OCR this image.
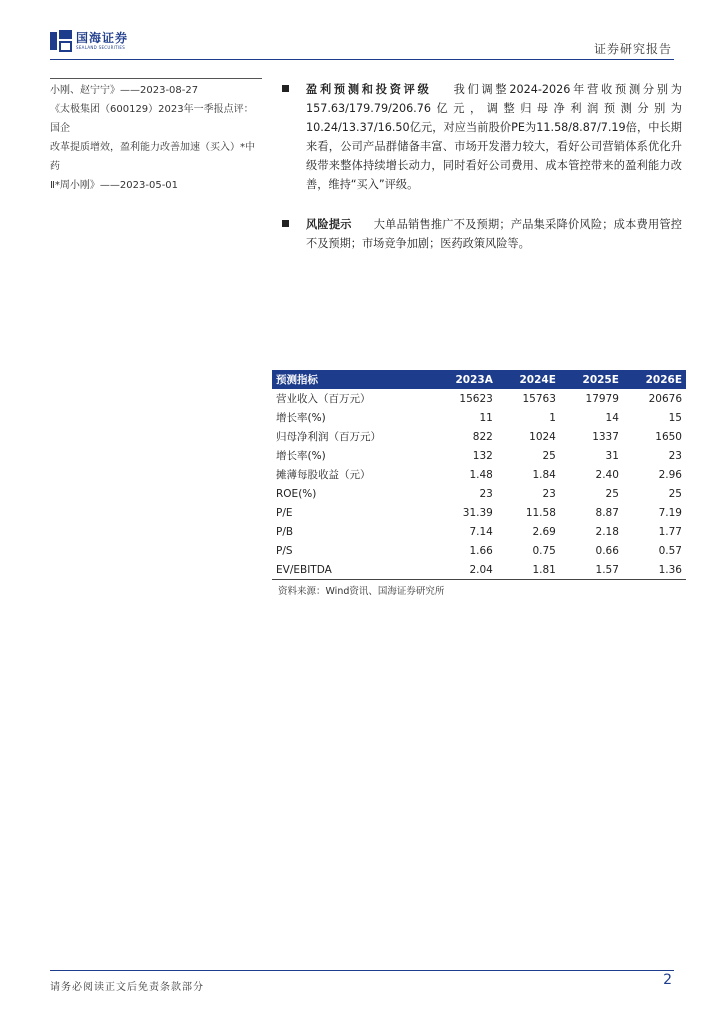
国海证券
SEALAND SECURITIES	证券研究报告

小刚、赵宁宁》——2023-08-27

《太极集团（600129）2023年一季报点评：国企

改革提质增效，盈利能力改善加速（买入）*中药

Ⅱ*周小刚》——2023-05-01

盈利预测和投资评级 我们调整2024-2026年营收预测分别为157.63/179.79/206.76亿元，调整归母净利润预测分别为10.24/13.37/16.50亿元，对应当前股价PE为11.58/8.87/7.19倍，中长期来看，公司产品群储备丰富、市场开发潜力较大，看好公司营销体系优化升级带来整体持续增长动力，同时看好公司费用、成本管控带来的盈利能力改善，维持“买入”评级。
风险提示 大单品销售推广不及预期；产品集采降价风险；成本费用管控不及预期；市场竞争加剧；医药政策风险等。
预测指标	2023A	2024E	2025E	2026E
营业收入（百万元）	15623	15763	17979	20676
增长率(%)	11	1	14	15
归母净利润（百万元）	822	1024	1337	1650
增长率(%)	132	25	31	23
摊薄每股收益（元）	1.48	1.84	2.40	2.96
ROE(%)	23	23	25	25
P/E	31.39	11.58	8.87	7.19
P/B	7.14	2.69	2.18	1.77
P/S	1.66	0.75	0.66	0.57
EV/EBITDA	2.04	1.81	1.57	1.36
资料来源：Wind资讯、国海证券研究所
请务必阅读正文后免责条款部分	2
